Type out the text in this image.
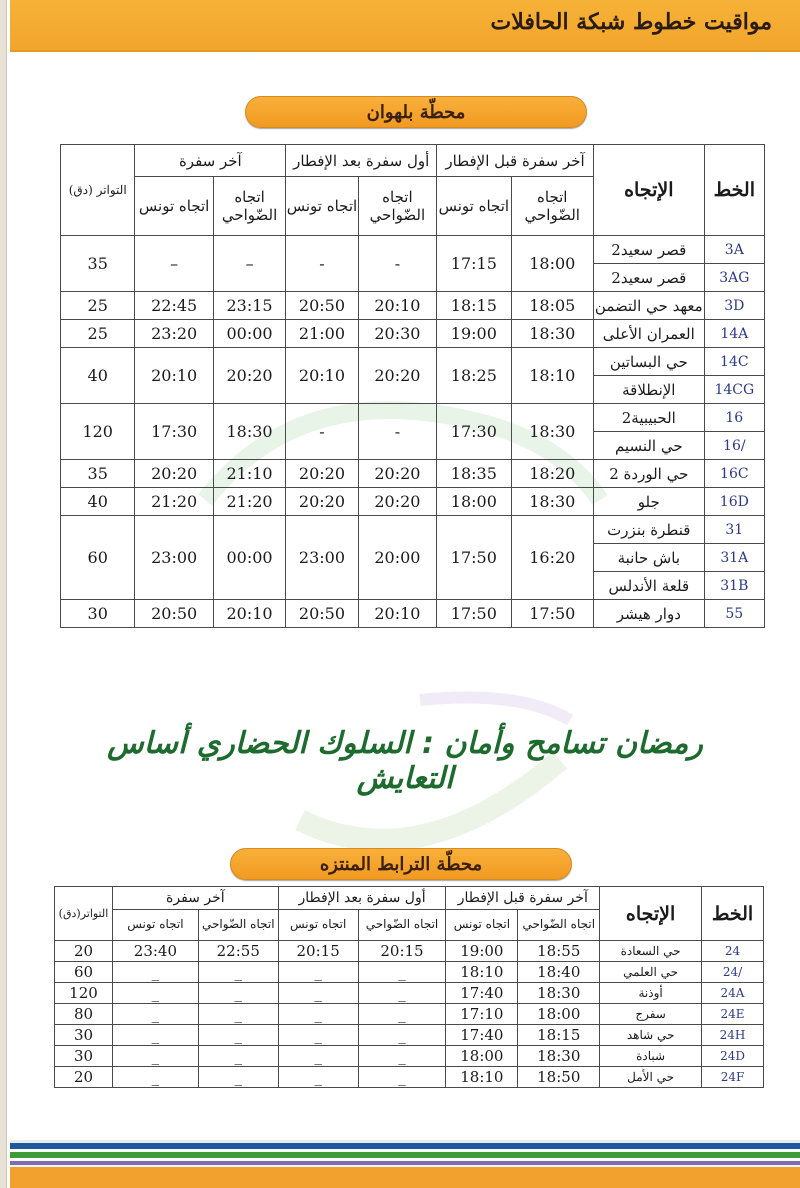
مواقيت خطوط شبكة الحافلات
محطّة بلهوان
التواتر (دق)	آخر سفرة		أول سفرة بعد الإفطار		آخر سفرة قبل الإفطار		الإتجاه	الخط
	اتجاه تونس	اتجاه الضّواحي	اتجاه تونس	اتجاه الضّواحي	اتجاه تونس	اتجاه الضّواحي		
35	–	–	-	-	17:15	18:00	قصر سعيد2	3A
							قصر سعيد2	3AG
25	22:45	23:15	20:50	20:10	18:15	18:05	معهد حي التضمن	3D
25	23:20	00:00	21:00	20:30	19:00	18:30	العمران الأعلى	14A
40	20:10	20:20	20:10	20:20	18:25	18:10	حي البساتين	14C
							الإنطلاقة	14CG
120	17:30	18:30	-	-	17:30	18:30	الحبيبية2	16
							حي النسيم	16/
35	20:20	21:10	20:20	20:20	18:35	18:20	حي الوردة 2	16C
40	21:20	21:20	20:20	20:20	18:00	18:30	جلو	16D
60	23:00	00:00	23:00	20:00	17:50	16:20	قنطرة بنزرت	31
							باش حانبة	31A
							قلعة الأندلس	31B
30	20:50	20:10	20:50	20:10	17:50	17:50	دوار هيشر	55
رمضان تسامح وأمان : السلوك الحضاري أساس التعايش
محطّة الترابط المنتزه
التواتر(دق)	آخر سفرة		أول سفرة بعد الإفطار		آخر سفرة قبل الإفطار		الإتجاه	الخط
	اتجاه تونس	اتجاه الضّواحي	اتجاه تونس	اتجاه الضّواحي	اتجاه تونس	اتجاه الضّواحي		
20	23:40	22:55	20:15	20:15	19:00	18:55	حي السعادة	24
60	_	_	_	_	18:10	18:40	حي العلمي	24/
120	_	_	_	_	17:40	18:30	أوذنة	24A
80	_	_	_	_	17:10	18:00	سفرج	24E
30	_	_	_	_	17:40	18:15	حي شاهد	24H
30	_	_	_	_	18:00	18:30	شبادة	24D
20	_	_	_	_	18:10	18:50	حي الأمل	24F
